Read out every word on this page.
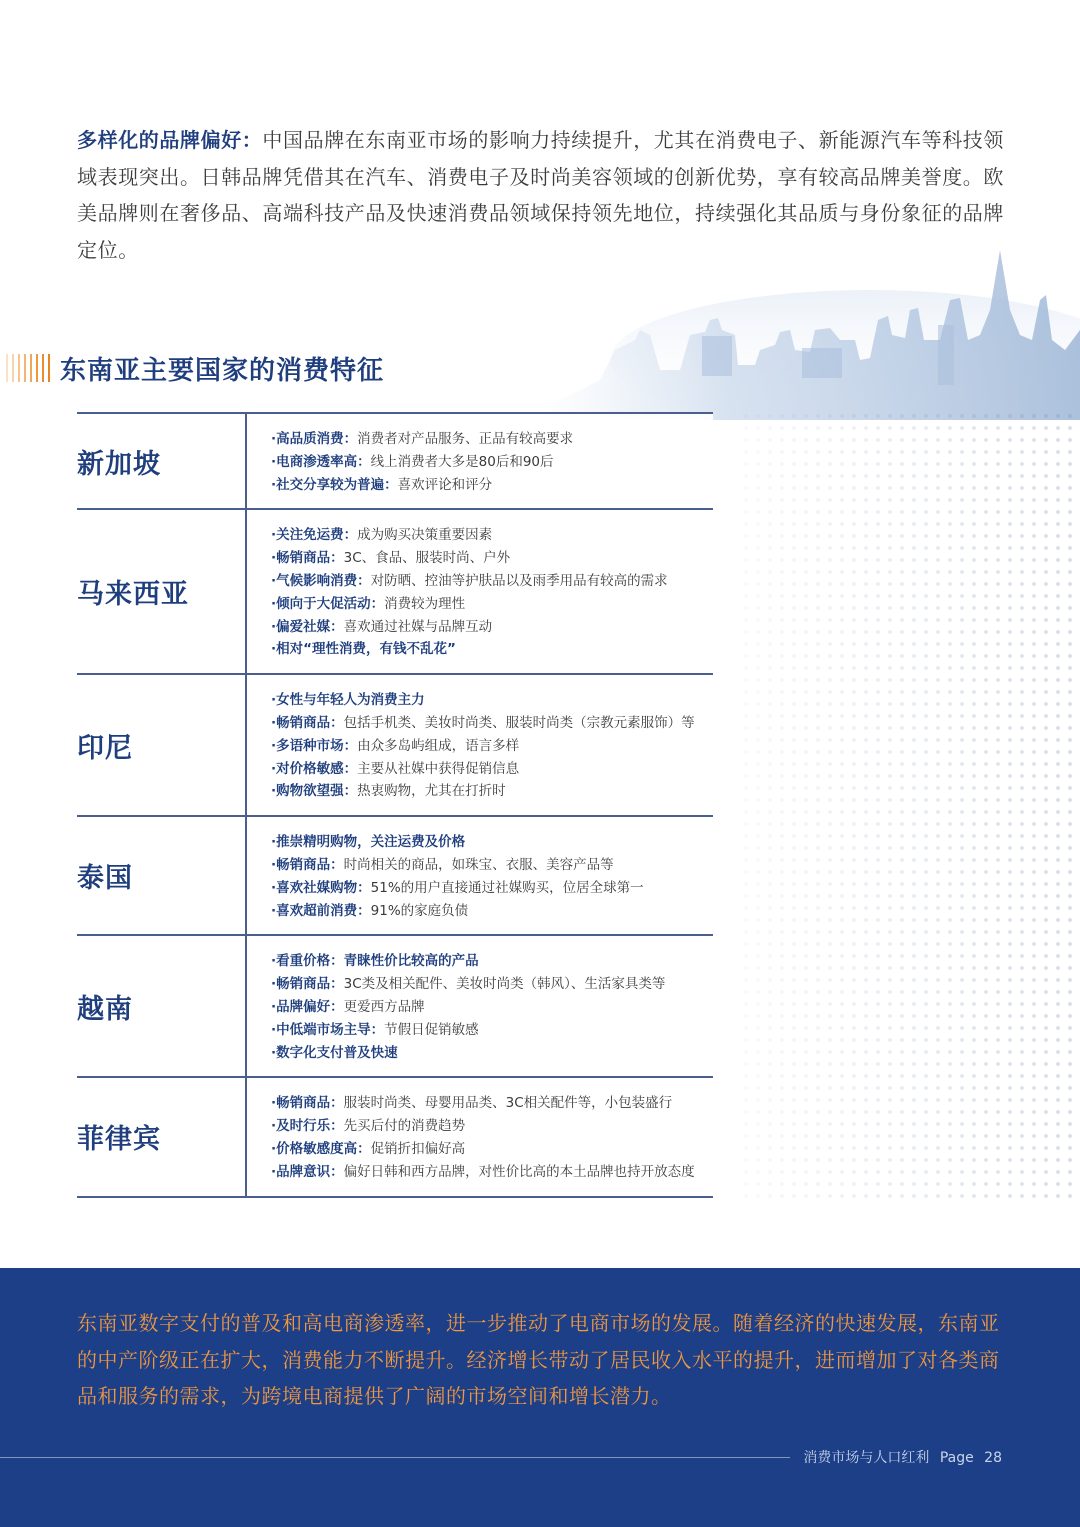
多样化的品牌偏好：中国品牌在东南亚市场的影响力持续提升，尤其在消费电子、新能源汽车等科技领域表现突出。日韩品牌凭借其在汽车、消费电子及时尚美容领域的创新优势，享有较高品牌美誉度。欧美品牌则在奢侈品、高端科技产品及快速消费品领域保持领先地位，持续强化其品质与身份象征的品牌定位。

东南亚主要国家的消费特征
新加坡
·高品质消费：消费者对产品服务、正品有较高要求
·电商渗透率高：线上消费者大多是80后和90后
·社交分享较为普遍：喜欢评论和评分
马来西亚
·关注免运费：成为购买决策重要因素
·畅销商品：3C、食品、服装时尚、户外
·气候影响消费：对防晒、控油等护肤品以及雨季用品有较高的需求
·倾向于大促活动：消费较为理性
·偏爱社媒：喜欢通过社媒与品牌互动
·相对“理性消费，有钱不乱花”
印尼
·女性与年轻人为消费主力
·畅销商品：包括手机类、美妆时尚类、服装时尚类（宗教元素服饰）等
·多语种市场：由众多岛屿组成，语言多样
·对价格敏感：主要从社媒中获得促销信息
·购物欲望强：热衷购物，尤其在打折时
泰国
·推崇精明购物，关注运费及价格
·畅销商品：时尚相关的商品，如珠宝、衣服、美容产品等
·喜欢社媒购物：51%的用户直接通过社媒购买，位居全球第一
·喜欢超前消费：91%的家庭负债
越南
·看重价格：青睐性价比较高的产品
·畅销商品：3C类及相关配件、美妆时尚类（韩风）、生活家具类等
·品牌偏好：更爱西方品牌
·中低端市场主导：节假日促销敏感
·数字化支付普及快速
菲律宾
·畅销商品：服装时尚类、母婴用品类、3C相关配件等，小包装盛行
·及时行乐：先买后付的消费趋势
·价格敏感度高：促销折扣偏好高
·品牌意识：偏好日韩和西方品牌，对性价比高的本土品牌也持开放态度

东南亚数字支付的普及和高电商渗透率，进一步推动了电商市场的发展。随着经济的快速发展，东南亚的中产阶级正在扩大，消费能力不断提升。经济增长带动了居民收入水平的提升，进而增加了对各类商品和服务的需求，为跨境电商提供了广阔的市场空间和增长潜力。

消费市场与人口红利 Page 28
